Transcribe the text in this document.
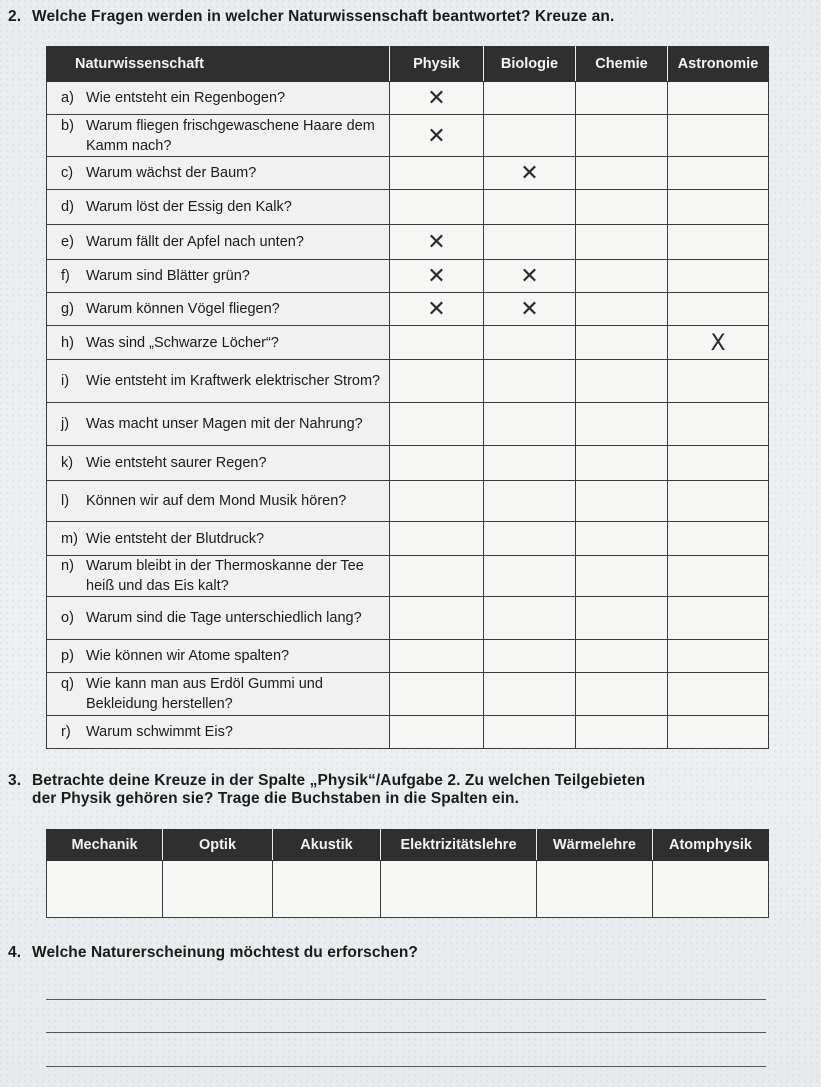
2. Welche Fragen werden in welcher Naturwissenschaft beantwortet? Kreuze an.
Naturwissenschaft	Physik	Biologie	Chemie	Astronomie

a) Wie entsteht ein Regenbogen?	✕			

b) Warum fliegen frischgewaschene Haare dem Kamm nach?	✕			

c) Warum wächst der Baum?		✕		

d) Warum löst der Essig den Kalk?				

e) Warum fällt der Apfel nach unten?	✕			

f) Warum sind Blätter grün?	✕	✕		

g) Warum können Vögel fliegen?	✕	✕		

h) Was sind „Schwarze Löcher“?				X

i) Wie entsteht im Kraftwerk elektrischer Strom?				

j) Was macht unser Magen mit der Nahrung?				

k) Wie entsteht saurer Regen?				

l) Können wir auf dem Mond Musik hören?				

m) Wie entsteht der Blutdruck?				

n) Warum bleibt in der Thermoskanne der Tee heiß und das Eis kalt?				

o) Warum sind die Tage unterschiedlich lang?				

p) Wie können wir Atome spalten?				

q) Wie kann man aus Erdöl Gummi und Bekleidung herstellen?				

r) Warum schwimmt Eis?				

3. Betrachte deine Kreuze in der Spalte „Physik“/Aufgabe 2. Zu welchen Teilgebieten
der Physik gehören sie? Trage die Buchstaben in die Spalten ein.
Mechanik	Optik	Akustik	Elektrizitätslehre	Wärmelehre	Atomphysik

4. Welche Naturerscheinung möchtest du erforschen?
